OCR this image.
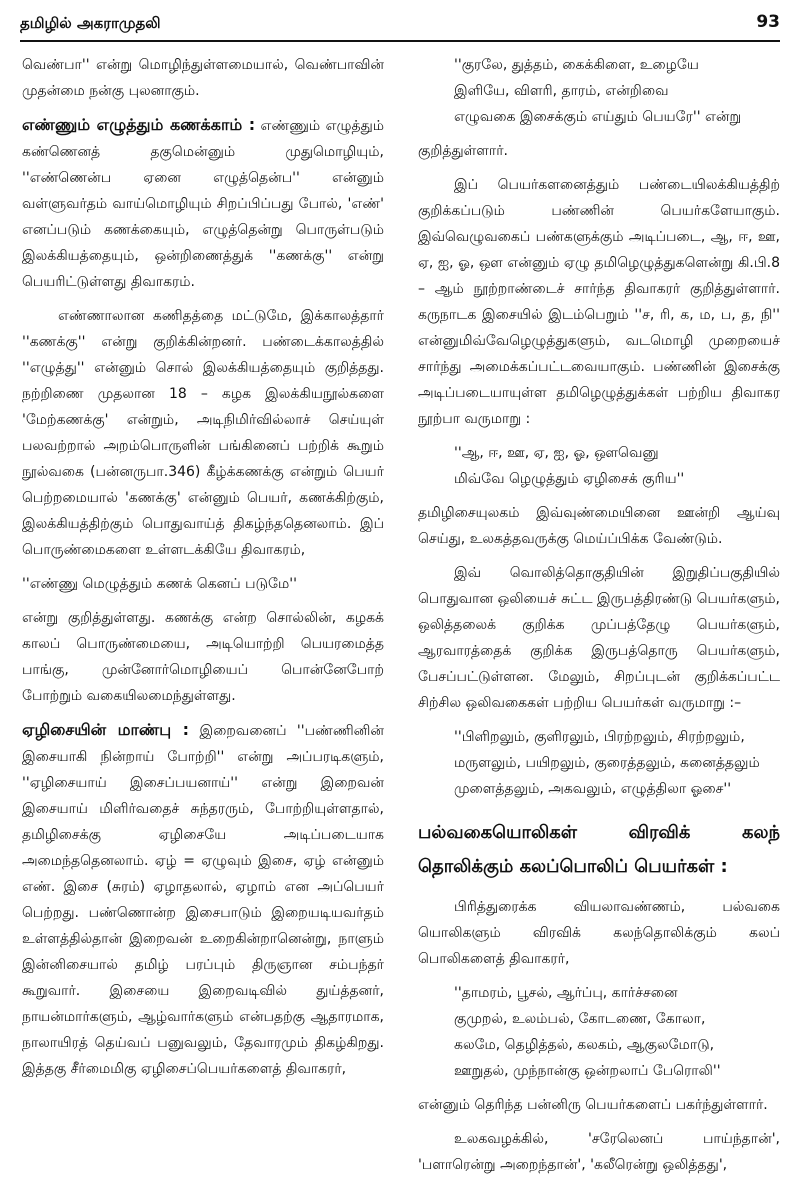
தமிழில் அகராமுதலி	93

வெண்பா'' என்று மொழிந்துள்ளமையால், வெண்பாவின் முதன்மை நன்கு புலனாகும்.

எண்ணும் எழுத்தும் கணக்காம் : எண்ணும் எழுத்தும் கண்ணெனத் தகுமென்னும் முதுமொழியும், ''எண்ணென்ப ஏனை எழுத்தென்ப'' என்னும் வள்ளுவர்தம் வாய்மொழியும் சிறப்பிப்பது போல், 'எண்' எனப்படும் கணக்கையும், எழுத்தென்று பொருள்படும் இலக்கியத்தையும், ஒன்றிணைத்துக் ''கணக்கு'' என்று பெயரிட்டுள்ளது திவாகரம்.

எண்ணாலான கணிதத்தை மட்டுமே, இக்காலத்தார் ''கணக்கு'' என்று குறிக்கின்றனர். பண்டைக்காலத்தில் ''எழுத்து'' என்னும் சொல் இலக்கியத்தையும் குறித்தது. நற்றிணை முதலான 18 – கழக இலக்கியநூல்களை 'மேற்கணக்கு' என்றும், அடிநிமிர்வில்லாச் செய்யுள் பலவற்றால் அறம்பொருளின் பங்கினைப் பற்றிக் கூறும் நூல்வகை (பன்னருபா.346) கீழ்க்கணக்கு என்றும் பெயர் பெற்றமையால் 'கணக்கு' என்னும் பெயர், கணக்கிற்கும், இலக்கியத்திற்கும் பொதுவாய்த் திகழ்ந்ததெனலாம். இப் பொருண்மைகளை உள்ளடக்கியே திவாகரம்,

''எண்ணு மெழுத்தும் கணக் கெனப் படுமே''

என்று குறித்துள்ளது. கணக்கு என்ற சொல்லின், கழகக் காலப் பொருண்மையை, அடியொற்றி பெயரமைத்த பாங்கு, முன்னோர்மொழியைப் பொன்னேபோற் போற்றும் வகையிலமைந்துள்ளது.

ஏழிசையின் மாண்பு : இறைவனைப் ''பண்ணினின் இசையாகி நின்றாய் போற்றி'' என்று அப்பரடிகளும், ''ஏழிசையாய் இசைப்பயனாய்'' என்று இறைவன் இசையாய் மிளிர்வதைச் சுந்தரரும், போற்றியுள்ளதால், தமிழிசைக்கு ஏழிசையே அடிப்படையாக அமைந்ததெனலாம். ஏழ் = ஏழுவும் இசை, ஏழ் என்னும் எண். இசை (சுரம்) ஏழாதலால், ஏழாம் என அப்பெயர் பெற்றது. பண்ணொன்ற இசைபாடும் இறையடியவர்தம் உள்ளத்தில்தான் இறைவன் உறைகின்றானென்று, நாளும் இன்னிசையால் தமிழ் பரப்பும் திருஞான சம்பந்தர் கூறுவார். இசையை இறைவடிவில் துய்த்தனர், நாயன்மார்களும், ஆழ்வார்களும் என்பதற்கு ஆதாரமாக, நாலாயிரத் தெய்வப் பனுவலும், தேவாரமும் திகழ்கிறது. இத்தகு சீர்மைமிகு ஏழிசைப்பெயர்களைத் திவாகரர்,

''குரலே, துத்தம், கைக்கிளை, உழையே
இளியே, விளரி, தாரம், என்றிவை
எழுவகை இசைக்கும் எய்தும் பெயரே'' என்று

குறித்துள்ளார்.

இப் பெயர்களனைத்தும் பண்டையிலக்கியத்திற் குறிக்கப்படும் பண்ணின் பெயர்களேயாகும். இவ்வெழுவகைப் பண்களுக்கும் அடிப்படை, ஆ, ஈ, ஊ, ஏ, ஐ, ஓ, ஔ என்னும் ஏழு தமிழெழுத்துகளென்று கி.பி.8 – ஆம் நூற்றாண்டைச் சார்ந்த திவாகரர் குறித்துள்ளார். கருநாடக இசையில் இடம்பெறும் ''ச, ரி, க, ம, ப, த, நி'' என்னுமிவ்வேழெழுத்துகளும், வடமொழி முறையைச் சார்ந்து அமைக்கப்பட்டவையாகும். பண்ணின் இசைக்கு அடிப்படையாயுள்ள தமிழெழுத்துக்கள் பற்றிய திவாகர நூற்பா வருமாறு :

''ஆ, ஈ, ஊ, ஏ, ஐ, ஓ, ஔவெனு
மிவ்வே ழெழுத்தும் ஏழிசைக் குரிய''

தமிழிசையுலகம் இவ்வுண்மையினை ஊன்றி ஆய்வு செய்து, உலகத்தவருக்கு மெய்ப்பிக்க வேண்டும்.

இவ் வொலித்தொகுதியின் இறுதிப்பகுதியில் பொதுவான ஒலியைச் சுட்ட இருபத்திரண்டு பெயர்களும், ஒலித்தலைக் குறிக்க முப்பத்தேழு பெயர்களும், ஆரவாரத்தைக் குறிக்க இருபத்தொரு பெயர்களும், பேசப்பட்டுள்ளன. மேலும், சிறப்புடன் குறிக்கப்பட்ட சிற்சில ஒலிவகைகள் பற்றிய பெயர்கள் வருமாறு :–

''பிளிறலும், குளிரலும், பிரற்றலும், சிரற்றலும்,
மருளலும், பயிறலும், குரைத்தலும், கனைத்தலும்
முளைத்தலும், அகவலும், எழுத்திலா ஓசை''
பல்வகையொலிகள் விரவிக் கலந் தொலிக்கும் கலப்பொலிப் பெயர்கள் :

பிரித்துரைக்க வியலாவண்ணம், பல்வகை யொலிகளும் விரவிக் கலந்தொலிக்கும் கலப் பொலிகளைத் திவாகரர்,

''தாமரம், பூசல், ஆர்ப்பு, கார்ச்சனை
குமுறல், உலம்பல், கோடணை, கோலா,
கலமே, தெழித்தல், கலகம், ஆகுலமோடு,
ஊறுதல், முந்நான்கு ஒன்றலாப் பேரொலி''

என்னும் தெரிந்த பன்னிரு பெயர்களைப் பகர்ந்துள்ளார்.

உலகவழக்கில், 'சரேலெனப் பாய்ந்தான்', 'பளாரென்று அறைந்தான்', 'கலீரென்று ஒலித்தது',
